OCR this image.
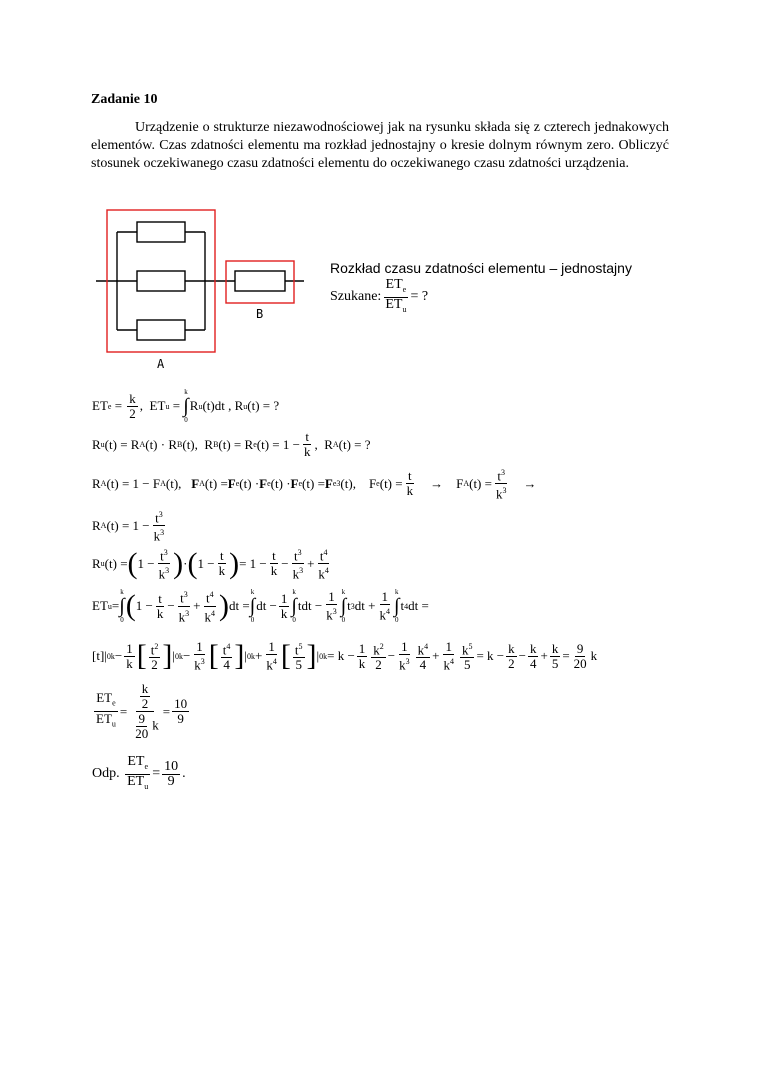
Zadanie 10
Urządzenie o strukturze niezawodnościowej jak na rysunku składa się z czterech jednakowych elementów. Czas zdatności elementu ma rozkład jednostajny o kresie dolnym równym zero. Obliczyć stosunek oczekiwanego czasu zdatności elementu do oczekiwanego czasu zdatności urządzenia.
A
B
Rozkład czasu zdatności elementu – jednostajny
Szukane:
$ET_e$
$ET_u$
= ?
ET e = k
2 ,  ET u =
k
∫
0
R u (t)dt , R u (t) = ?
R u (t) = R A (t) · R B (t),  R B (t) = R e (t) = 1 − t
k ,  R A (t) = ?
R A (t) = 1 − F A (t), F A (t) = F e (t) · F e (t) · F e (t) = F e 3 (t),    F e (t) = t
k →    F A $(t) = t^3$
$k^3$ →
R A $(t) = 1 - t^3$
$k^3$
R u (t) = ( $1 - t^3$
$k^3$ ) · ( 1 − t
k ) = 1 − t
$k - t^3$
$k^3 + t^4$
$k^4$
ET u =
k
∫
0 ( 1 − t
$k - t^3$
$k^3 + t^4$
$k^4$ ) dt =
k
∫
0
dt − 1
k
k
∫
0
tdt −
1
$k^3$
k
∫
0
t 3 dt +
1
$k^4$
k
∫
0
t 4 dt =
[t]| 0 k − 1
k [ $t^2$
2 ] | 0 k −
1
$k^3$ [ $t^4$
4 ] | 0 k +
1
$k^4$ [ $t^5$
5 ] | 0 k = k − 1
k
$k^2$
2
−
1
$k^3$
$k^4$
4
+
1
$k^4$
$k^5$
5
= k − k
2 − k
4 + k
5 = 9
20 k
$ET_e$
$ET_u$
= $\frac{k}{2}$
$\frac{9}{20}$ k
= 10
9
Odp.

$ET_e$
$ET_u$
= 10
9 .
